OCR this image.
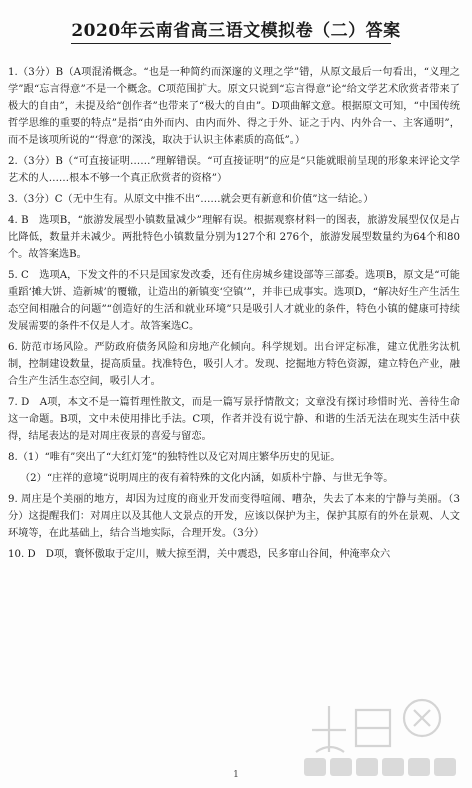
2020年云南省高三语文模拟卷（二）答案

1.（3分）B（A项混淆概念。“也是一种简约而深邃的义理之学”错，从原文最后一句看出，“义理之学”跟“忘言得意”不是一个概念。C项范围扩大。原文只说到“忘言得意”论“给文学艺术欣赏者带来了极大的自由”，未提及给“创作者”也带来了“极大的自由”。D项曲解文意。根据原文可知，“中国传统哲学思维的重要的特点”是指“由外而内、由内而外、得之于外、证之于内、内外合一、主客通明”，而不是该项所说的“‘得意’的深浅，取决于认识主体素质的高低”。）

2.（3分）B（“可直接证明……”理解错误。“可直接证明”的应是“只能就眼前呈现的形象来评论文学艺术的人……根本不够一个真正欣赏者的资格”）

3.（3分）C（无中生有。从原文中推不出“……就会更有新意和价值”这一结论。）

4. B　选项B，“旅游发展型小镇数量减少”理解有误。根据观察材料一的图表，旅游发展型仅仅是占比降低，数量并未减少。两批特色小镇数量分别为127个和 276个，旅游发展型数量约为64个和80个。故答案选B。

5. C　选项A，下发文件的不只是国家发改委，还有住房城乡建设部等三部委。选项B，原文是“可能重蹈‘摊大饼、造新城’的覆辙，让造出的新镇变‘空镇’”，并非已成事实。选项D，“解决好生产生活生态空间相融合的问题”“创造好的生活和就业环境”只是吸引人才就业的条件，特色小镇的健康可持续发展需要的条件不仅是人才。故答案选C。

6. 防范市场风险。严防政府债务风险和房地产化倾向。科学规划。出台评定标准，建立优胜劣汰机制，控制建设数量，提高质量。找准特色，吸引人才。发现、挖掘地方特色资源，建立特色产业，融合生产生活生态空间，吸引人才。

7. D　A项，本文不是一篇哲理性散文，而是一篇写景抒情散文；文章没有探讨珍惜时光、善待生命这一命题。B项，文中未使用排比手法。C项，作者并没有说宁静、和谐的生活无法在现实生活中获得，结尾表达的是对周庄夜景的喜爱与留恋。

8.（1）“唯有”突出了“大红灯笼”的独特性以及它对周庄繁华历史的见证。

（2）“庄祥的意境”说明周庄的夜有着特殊的文化内涵，如质朴宁静、与世无争等。

9. 周庄是个美丽的地方，却因为过度的商业开发而变得喧闹、嘈杂，失去了本来的宁静与美丽。（3分）这提醒我们：对周庄以及其他人文景点的开发，应该以保护为主，保护其原有的外在景观、人文环境等，在此基础上，结合当地实际，合理开发。（3分）

10. D　D项，寰怀傲取于定川，贼大掠至渭，关中震恐，民多窜山谷间，仲淹率众六

1
